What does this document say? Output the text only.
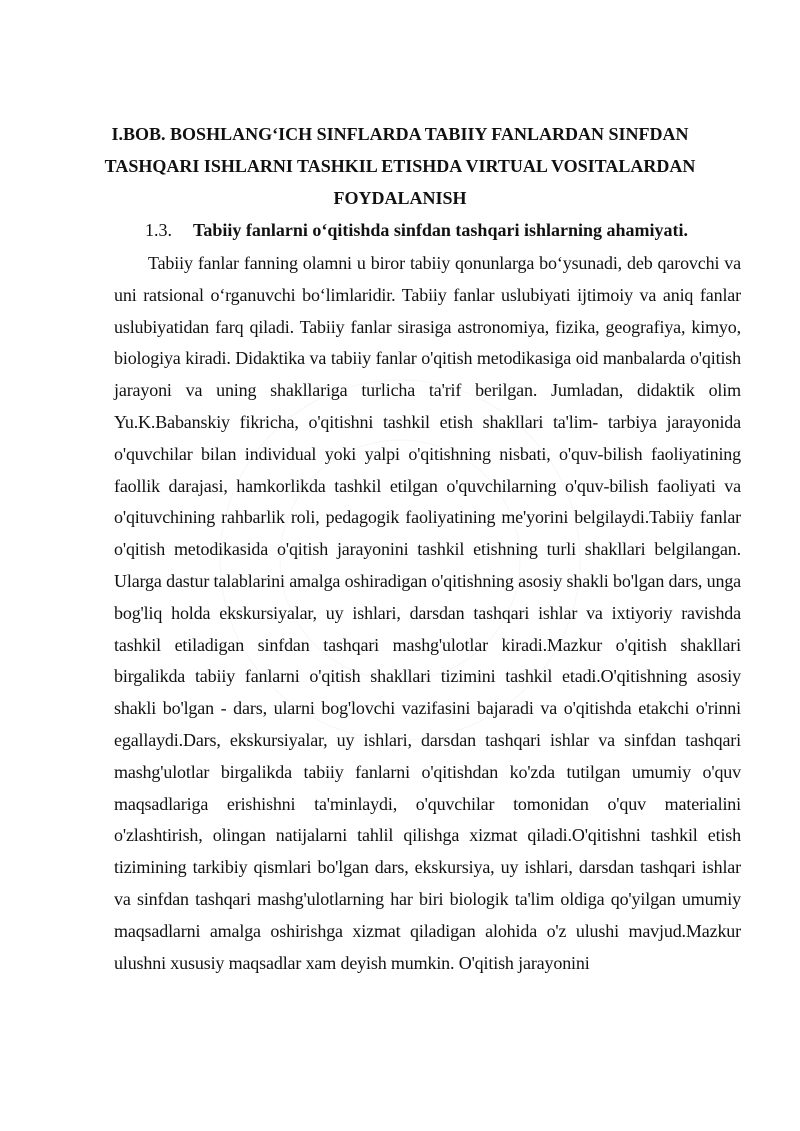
I.BOB. BOSHLANG‘ICH SINFLARDA TABIIY FANLARDAN SINFDAN TASHQARI ISHLARNI TASHKIL ETISHDA VIRTUAL VOSITALARDAN FOYDALANISH
1.3. Tabiiy fanlarni o‘qitishda sinfdan tashqari ishlarning ahamiyati.

Tabiiy fanlar fanning olamni u biror tabiiy qonunlarga bo‘ysunadi, deb qarovchi va uni ratsional o‘rganuvchi bo‘limlaridir. Tabiiy fanlar uslubiyati ijtimoiy va aniq fanlar uslubiyatidan farq qiladi. Tabiiy fanlar sirasiga astronomiya, fizika, geografiya, kimyo, biologiya kiradi. Didaktika va tabiiy fanlar o'qitish metodikasiga oid manbalarda o'qitish jarayoni va uning shakllariga turlicha ta'rif berilgan. Jumladan, didaktik olim Yu.K.Babanskiy fikricha, o'qitishni tashkil etish shakllari ta'lim- tarbiya jarayonida o'quvchilar bilan individual yoki yalpi o'qitishning nisbati, o'quv-bilish faoliyatining faollik darajasi, hamkorlikda tashkil etilgan o'quvchilarning o'quv-bilish faoliyati va o'qituvchining rahbarlik roli, pedagogik faoliyatining me'yorini belgilaydi.Tabiiy fanlar o'qitish metodikasida o'qitish jarayonini tashkil etishning turli shakllari belgilangan. Ularga dastur talablarini amalga oshiradigan o'qitishning asosiy shakli bo'lgan dars, unga bog'liq holda ekskursiyalar, uy ishlari, darsdan tashqari ishlar va ixtiyoriy ravishda tashkil etiladigan sinfdan tashqari mashg'ulotlar kiradi.Mazkur o'qitish shakllari birgalikda tabiiy fanlarni o'qitish shakllari tizimini tashkil etadi.O'qitishning asosiy shakli bo'lgan - dars, ularni bog'lovchi vazifasini bajaradi va o'qitishda etakchi o'rinni egallaydi.Dars, ekskursiyalar, uy ishlari, darsdan tashqari ishlar va sinfdan tashqari mashg'ulotlar birgalikda tabiiy fanlarni o'qitishdan ko'zda tutilgan umumiy o'quv maqsadlariga erishishni ta'minlaydi, o'quvchilar tomonidan o'quv materialini o'zlashtirish, olingan natijalarni tahlil qilishga xizmat qiladi.O'qitishni tashkil etish tizimining tarkibiy qismlari bo'lgan dars, ekskursiya, uy ishlari, darsdan tashqari ishlar va sinfdan tashqari mashg'ulotlarning har biri biologik ta'lim oldiga qo'yilgan umumiy maqsadlarni amalga oshirishga xizmat qiladigan alohida o'z ulushi mavjud.Mazkur ulushni xususiy maqsadlar xam deyish mumkin. O'qitish jarayonini
